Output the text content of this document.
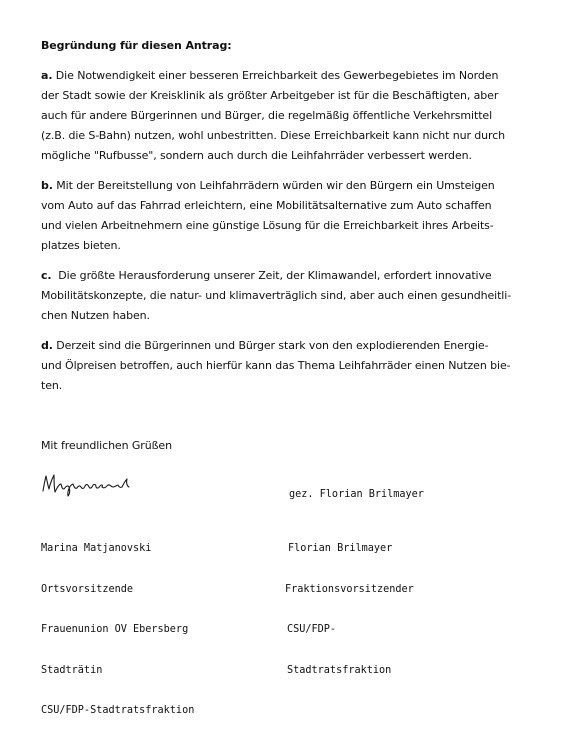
Begründung für diesen Antrag:

a. Die Notwendigkeit einer besseren Erreichbarkeit des Gewerbegebietes im Norden
der Stadt sowie der Kreisklinik als größter Arbeitgeber ist für die Beschäftigten, aber
auch für andere Bürgerinnen und Bürger, die regelmäßig öffentliche Verkehrsmittel
(z.B. die S-Bahn) nutzen, wohl unbestritten. Diese Erreichbarkeit kann nicht nur durch
mögliche "Rufbusse", sondern auch durch die Leihfahrräder verbessert werden.

b. Mit der Bereitstellung von Leihfahrrädern würden wir den Bürgern ein Umsteigen
vom Auto auf das Fahrrad erleichtern, eine Mobilitätsalternative zum Auto schaffen
und vielen Arbeitnehmern eine günstige Lösung für die Erreichbarkeit ihres Arbeits-
platzes bieten.

c.  Die größte Herausforderung unserer Zeit, der Klimawandel, erfordert innovative
Mobilitätskonzepte, die natur- und klimaverträglich sind, aber auch einen gesundheitli-
chen Nutzen haben.

d. Derzeit sind die Bürgerinnen und Bürger stark von den explodierenden Energie-
und Ölpreisen betroffen, auch hierfür kann das Thema Leihfahrräder einen Nutzen bie-
ten.

Mit freundlichen Grüßen
gez. Florian Brilmayer

Marina Matjanovski

Ortsvorsitzende

Frauenunion OV Ebersberg

Stadträtin

CSU/FDP-Stadtratsfraktion

Florian Brilmayer

Fraktionsvorsitzender

CSU/FDP-

Stadtratsfraktion
